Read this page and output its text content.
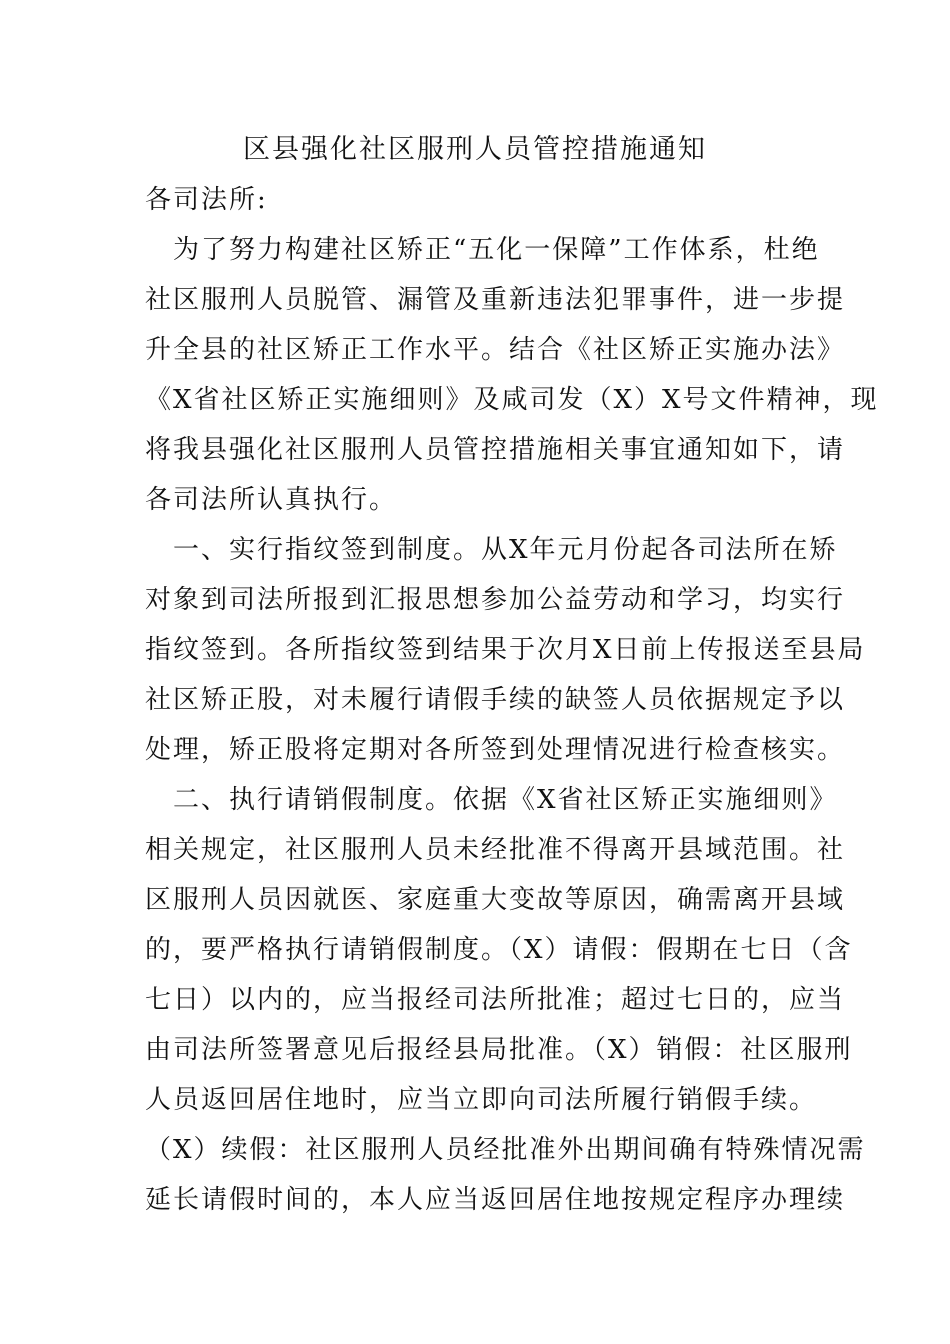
区县强化社区服刑人员管控措施通知

各司法所:

　为了努力构建社区矫正“五化一保障”工作体系，杜绝

社区服刑人员脱管、漏管及重新违法犯罪事件，进一步提

升全县的社区矫正工作水平。结合《社区矫正实施办法》

《X省社区矫正实施细则》及咸司发（X）X号文件精神，现

将我县强化社区服刑人员管控措施相关事宜通知如下，请

各司法所认真执行。

　一、实行指纹签到制度。从X年元月份起各司法所在矫

对象到司法所报到汇报思想参加公益劳动和学习，均实行

指纹签到。各所指纹签到结果于次月X日前上传报送至县局

社区矫正股，对未履行请假手续的缺签人员依据规定予以

处理，矫正股将定期对各所签到处理情况进行检查核实。

　二、执行请销假制度。依据《X省社区矫正实施细则》

相关规定，社区服刑人员未经批准不得离开县域范围。社

区服刑人员因就医、家庭重大变故等原因，确需离开县域

的，要严格执行请销假制度。（X）请假：假期在七日（含

七日）以内的，应当报经司法所批准；超过七日的，应当

由司法所签署意见后报经县局批准。（X）销假：社区服刑

人员返回居住地时，应当立即向司法所履行销假手续。

（X）续假：社区服刑人员经批准外出期间确有特殊情况需

延长请假时间的，本人应当返回居住地按规定程序办理续
